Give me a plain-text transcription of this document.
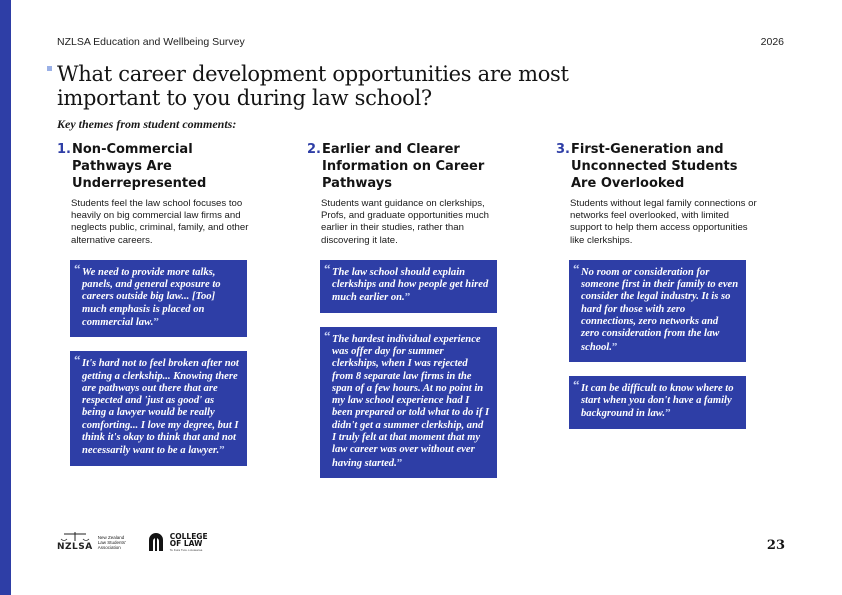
NZLSA Education and Wellbeing Survey	2026
What career development opportunities are most important to you during law school?

Key themes from student comments:

1. Non-Commercial Pathways Are Underrepresented

Students feel the law school focuses too heavily on big commercial law firms and neglects public, criminal, family, and other alternative careers.

“ We need to provide more talks, panels, and general exposure to careers outside big law... [Too] much emphasis is placed on commercial law.”
“ It's hard not to feel broken after not getting a clerkship... Knowing there are pathways out there that are respected and 'just as good' as being a lawyer would be really comforting... I love my degree, but I think it's okay to think that and not necessarily want to be a lawyer.”
2. Earlier and Clearer Information on Career Pathways

Students want guidance on clerkships, Profs, and graduate opportunities much earlier in their studies, rather than discovering it late.

“ The law school should explain clerkships and how people get hired much earlier on.”
“ The hardest individual experience was offer day for summer clerkships, when I was rejected from 8 separate law firms in the span of a few hours. At no point in my law school experience had I been prepared or told what to do if I didn't get a summer clerkship, and I truly felt at that moment that my law career was over without ever having started.”
3. First-Generation and Unconnected Students Are Overlooked

Students without legal family connections or networks feel overlooked, with limited support to help them access opportunities like clerkships.

“ No room or consideration for someone first in their family to even consider the legal industry. It is so hard for those with zero connections, zero networks and zero consideration from the law school.”
“ It can be difficult to know where to start when you don't have a family background in law.”
NZLSA
New Zealand Law Students' Association
COLLEGE
OF LAW
Te Kura Ture o Aotearoa	23
